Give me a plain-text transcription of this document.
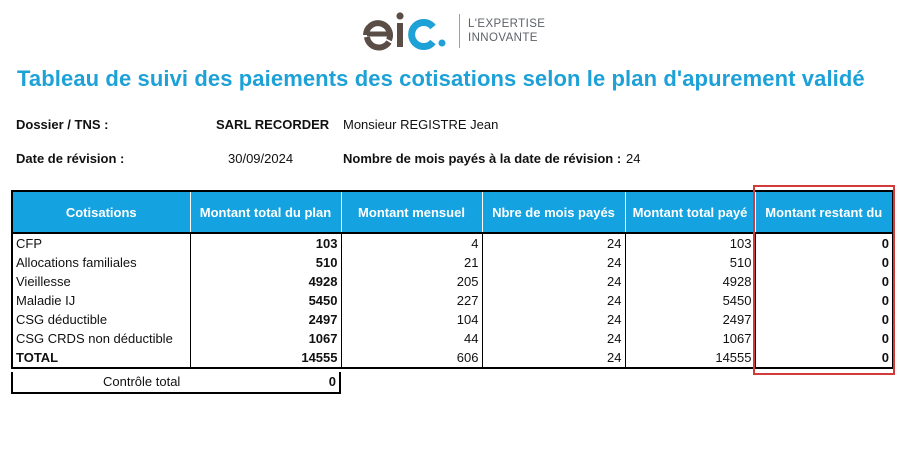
L'EXPERTISE
INNOVANTE
Tableau de suivi des paiements des cotisations selon le plan d'apurement validé
Dossier / TNS :	SARL RECORDER Monsieur REGISTRE Jean
Date de révision :	30/09/2024	Nombre de mois payés à la date de révision : 24
Cotisations	Montant total du plan	Montant mensuel	Nbre de mois payés	Montant total payé	Montant restant du
CFP	103	4	24	103	0
Allocations familiales	510	21	24	510	0
Vieillesse	4928	205	24	4928	0
Maladie IJ	5450	227	24	5450	0
CSG déductible	2497	104	24	2497	0
CSG CRDS non déductible	1067	44	24	1067	0
TOTAL	14555	606	24	14555	0
Contrôle total	0
